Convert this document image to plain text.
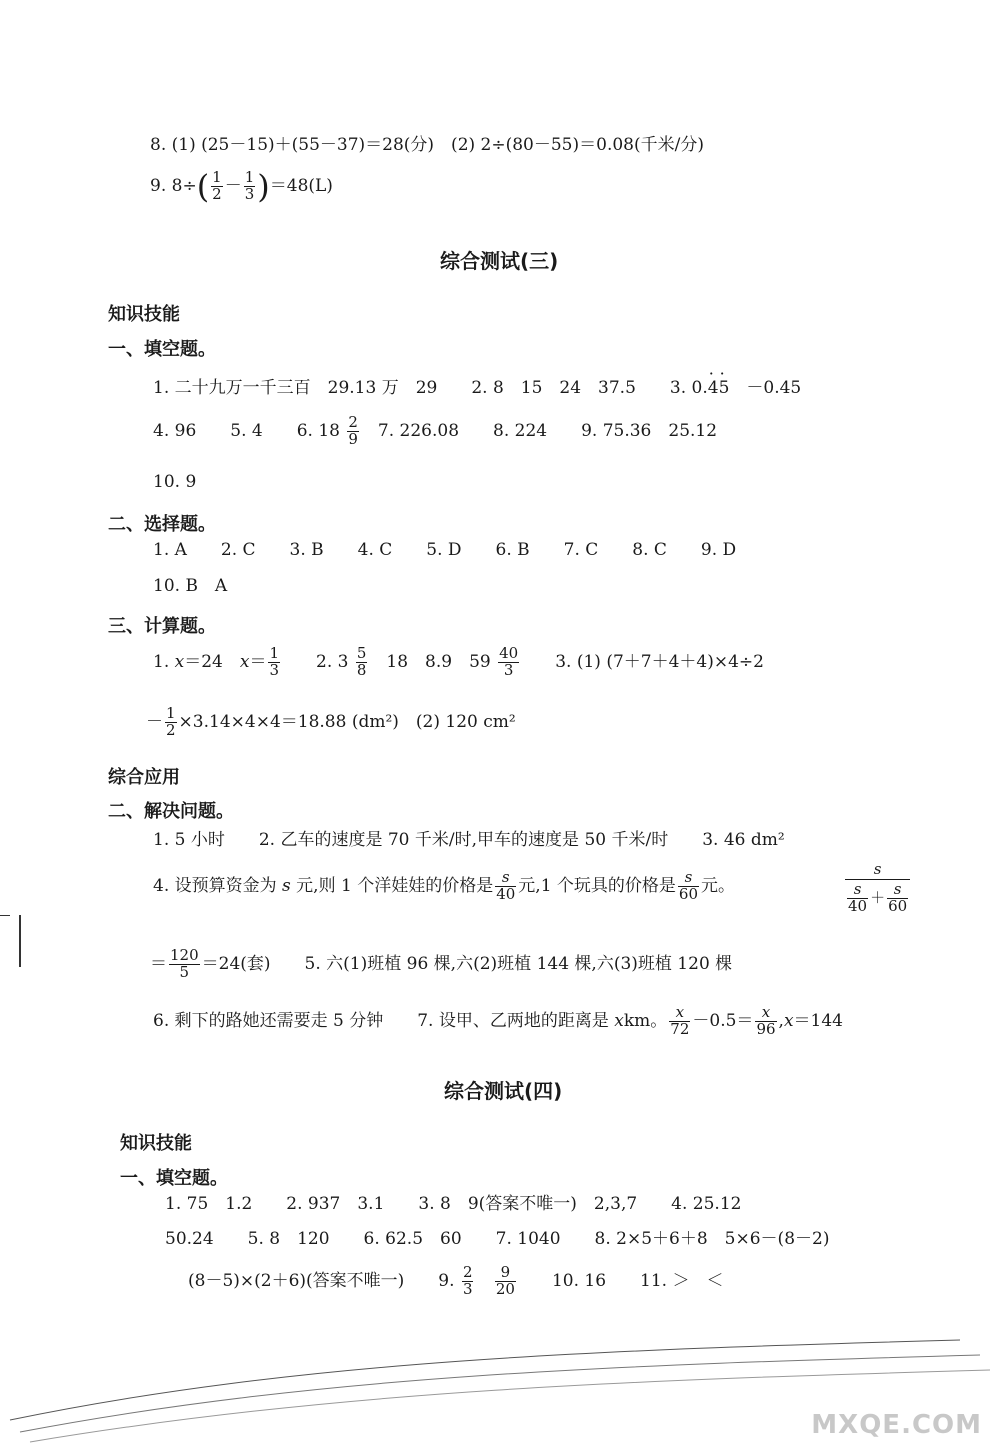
8. (1) (25－15)＋(55－37)＝28(分)　(2) 2÷(80－55)＝0.08(千米/分)
9. $8\div( \frac{1}{2} - \frac{1}{3} )=48(L)$
综合测试(三)
知识技能
一、填空题。
1. 二十九万一千三百　29.13 万　29　　2. 8　15　24　37.5　　3. 0.· 4· 5　－0.45
4. 96　　5. 4　　6. $18 \frac{2}{9}$ 　7. 226.08　　8. 224　　9. 75.36　25.12
10. 9
二、选择题。
1. A　　2. C　　3. B　　4. C　　5. D　　6. B　　7. C　　8. C　　9. D
10. B　A
三、计算题。
1. x＝24　$x= \frac{1}{3}$ 　　2. $3 \frac{5}{8}$ 　18　8.9　$59 \frac{40}{3}$ 　　3. (1) (7＋7＋4＋4)×4÷2
－ $\frac{1}{2} \times 3.14\times 4\times 4=18.88$ (dm²)　(2) 120 cm²
综合应用
二、解决问题。
1. 5 小时　　2. 乙车的速度是 70 千米/时,甲车的速度是 50 千米/时　　3. 46 dm²
4. 设预算资金为 s 元,则 1 个洋娃娃的价格是 $\frac{s}{40}$ 元,1 个玩具的价格是 $\frac{s}{60}$ 元。	$\frac{s}{\frac{s}{40} + \frac{s}{60}}$
＝ $\frac{120}{5} =24$(套)　　5. 六(1)班植 96 棵,六(2)班植 144 棵,六(3)班植 120 棵
6. 剩下的路她还需要走 5 分钟　　7. 设甲、乙两地的距离是 xkm。 $\frac{x}{72} -0.5= \frac{x}{96} ,x=144$
综合测试(四)
知识技能
一、填空题。
1. 75　1.2　　2. 937　3.1　　3. 8　9(答案不唯一)　2,3,7　　4. 25.12
50.24　　5. 8　120　　6. 62.5　60　　7. 1040　　8. 2×5＋6＋8　5×6－(8－2)
(8－5)×(2＋6)(答案不唯一)　　9. $\frac{2}{3}$
$\frac{9}{20}$ 　　10. 16　　11. ＞　＜
MXQE.COM
